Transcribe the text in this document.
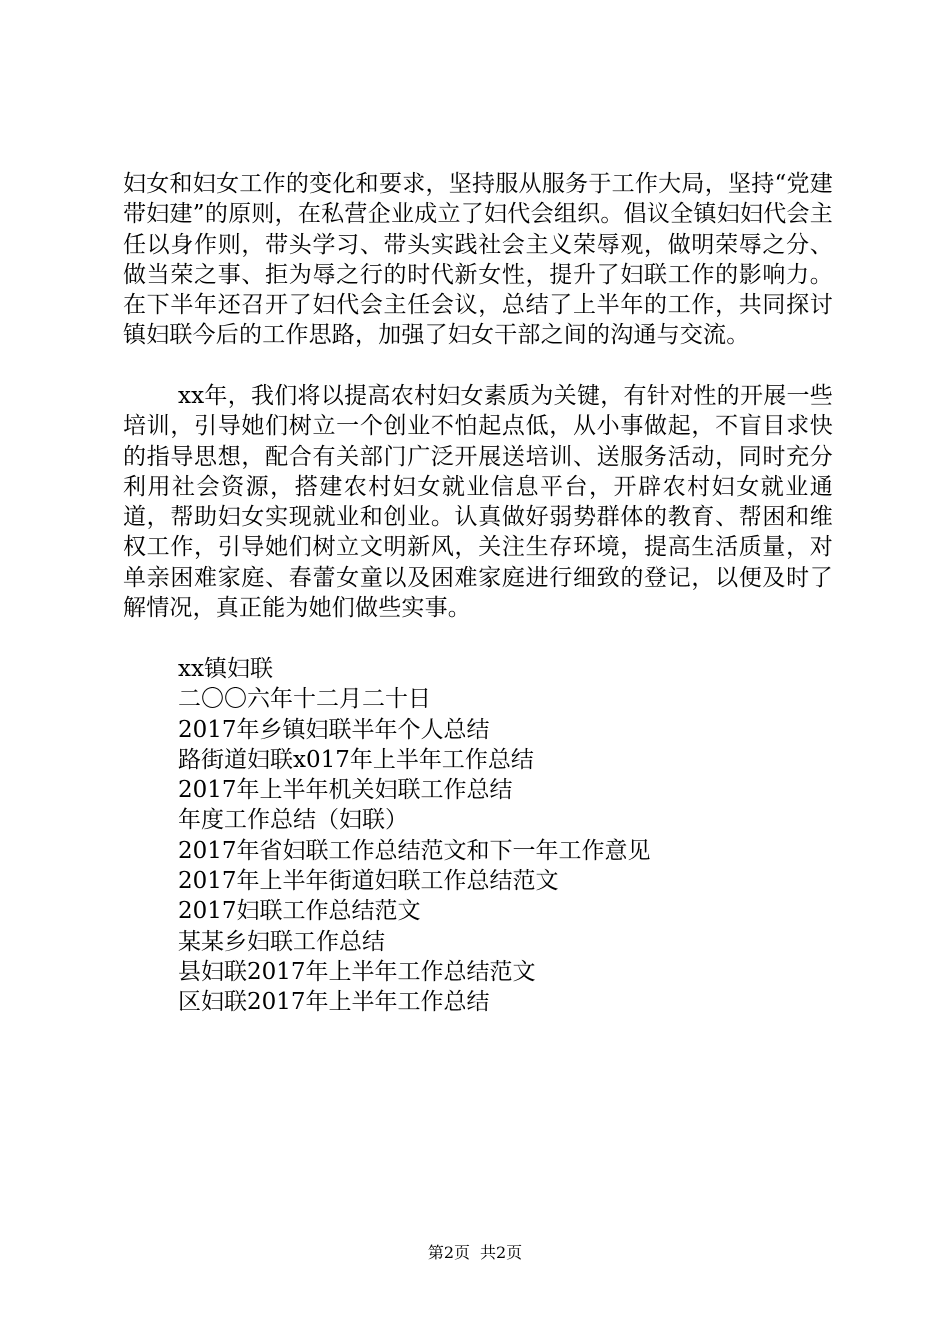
妇女和妇女工作的变化和要求，坚持服从服务于工作大局，坚持“党建带妇建”的原则，在私营企业成立了妇代会组织。倡议全镇妇妇代会主任以身作则，带头学习、带头实践社会主义荣辱观，做明荣辱之分、做当荣之事、拒为辱之行的时代新女性，提升了妇联工作的影响力。在下半年还召开了妇代会主任会议，总结了上半年的工作，共同探讨镇妇联今后的工作思路，加强了妇女干部之间的沟通与交流。

xx年，我们将以提高农村妇女素质为关键，有针对性的开展一些培训，引导她们树立一个创业不怕起点低，从小事做起，不盲目求快的指导思想，配合有关部门广泛开展送培训、送服务活动，同时充分利用社会资源，搭建农村妇女就业信息平台，开辟农村妇女就业通道，帮助妇女实现就业和创业。认真做好弱势群体的教育、帮困和维权工作，引导她们树立文明新风，关注生存环境，提高生活质量，对单亲困难家庭、春蕾女童以及困难家庭进行细致的登记，以便及时了解情况，真正能为她们做些实事。

xx镇妇联
二〇〇六年十二月二十日
2017年乡镇妇联半年个人总结
路街道妇联x017年上半年工作总结
2017年上半年机关妇联工作总结
年度工作总结（妇联）
2017年省妇联工作总结范文和下一年工作意见
2017年上半年街道妇联工作总结范文
2017妇联工作总结范文
某某乡妇联工作总结
县妇联2017年上半年工作总结范文
区妇联2017年上半年工作总结
第2页 共2页
